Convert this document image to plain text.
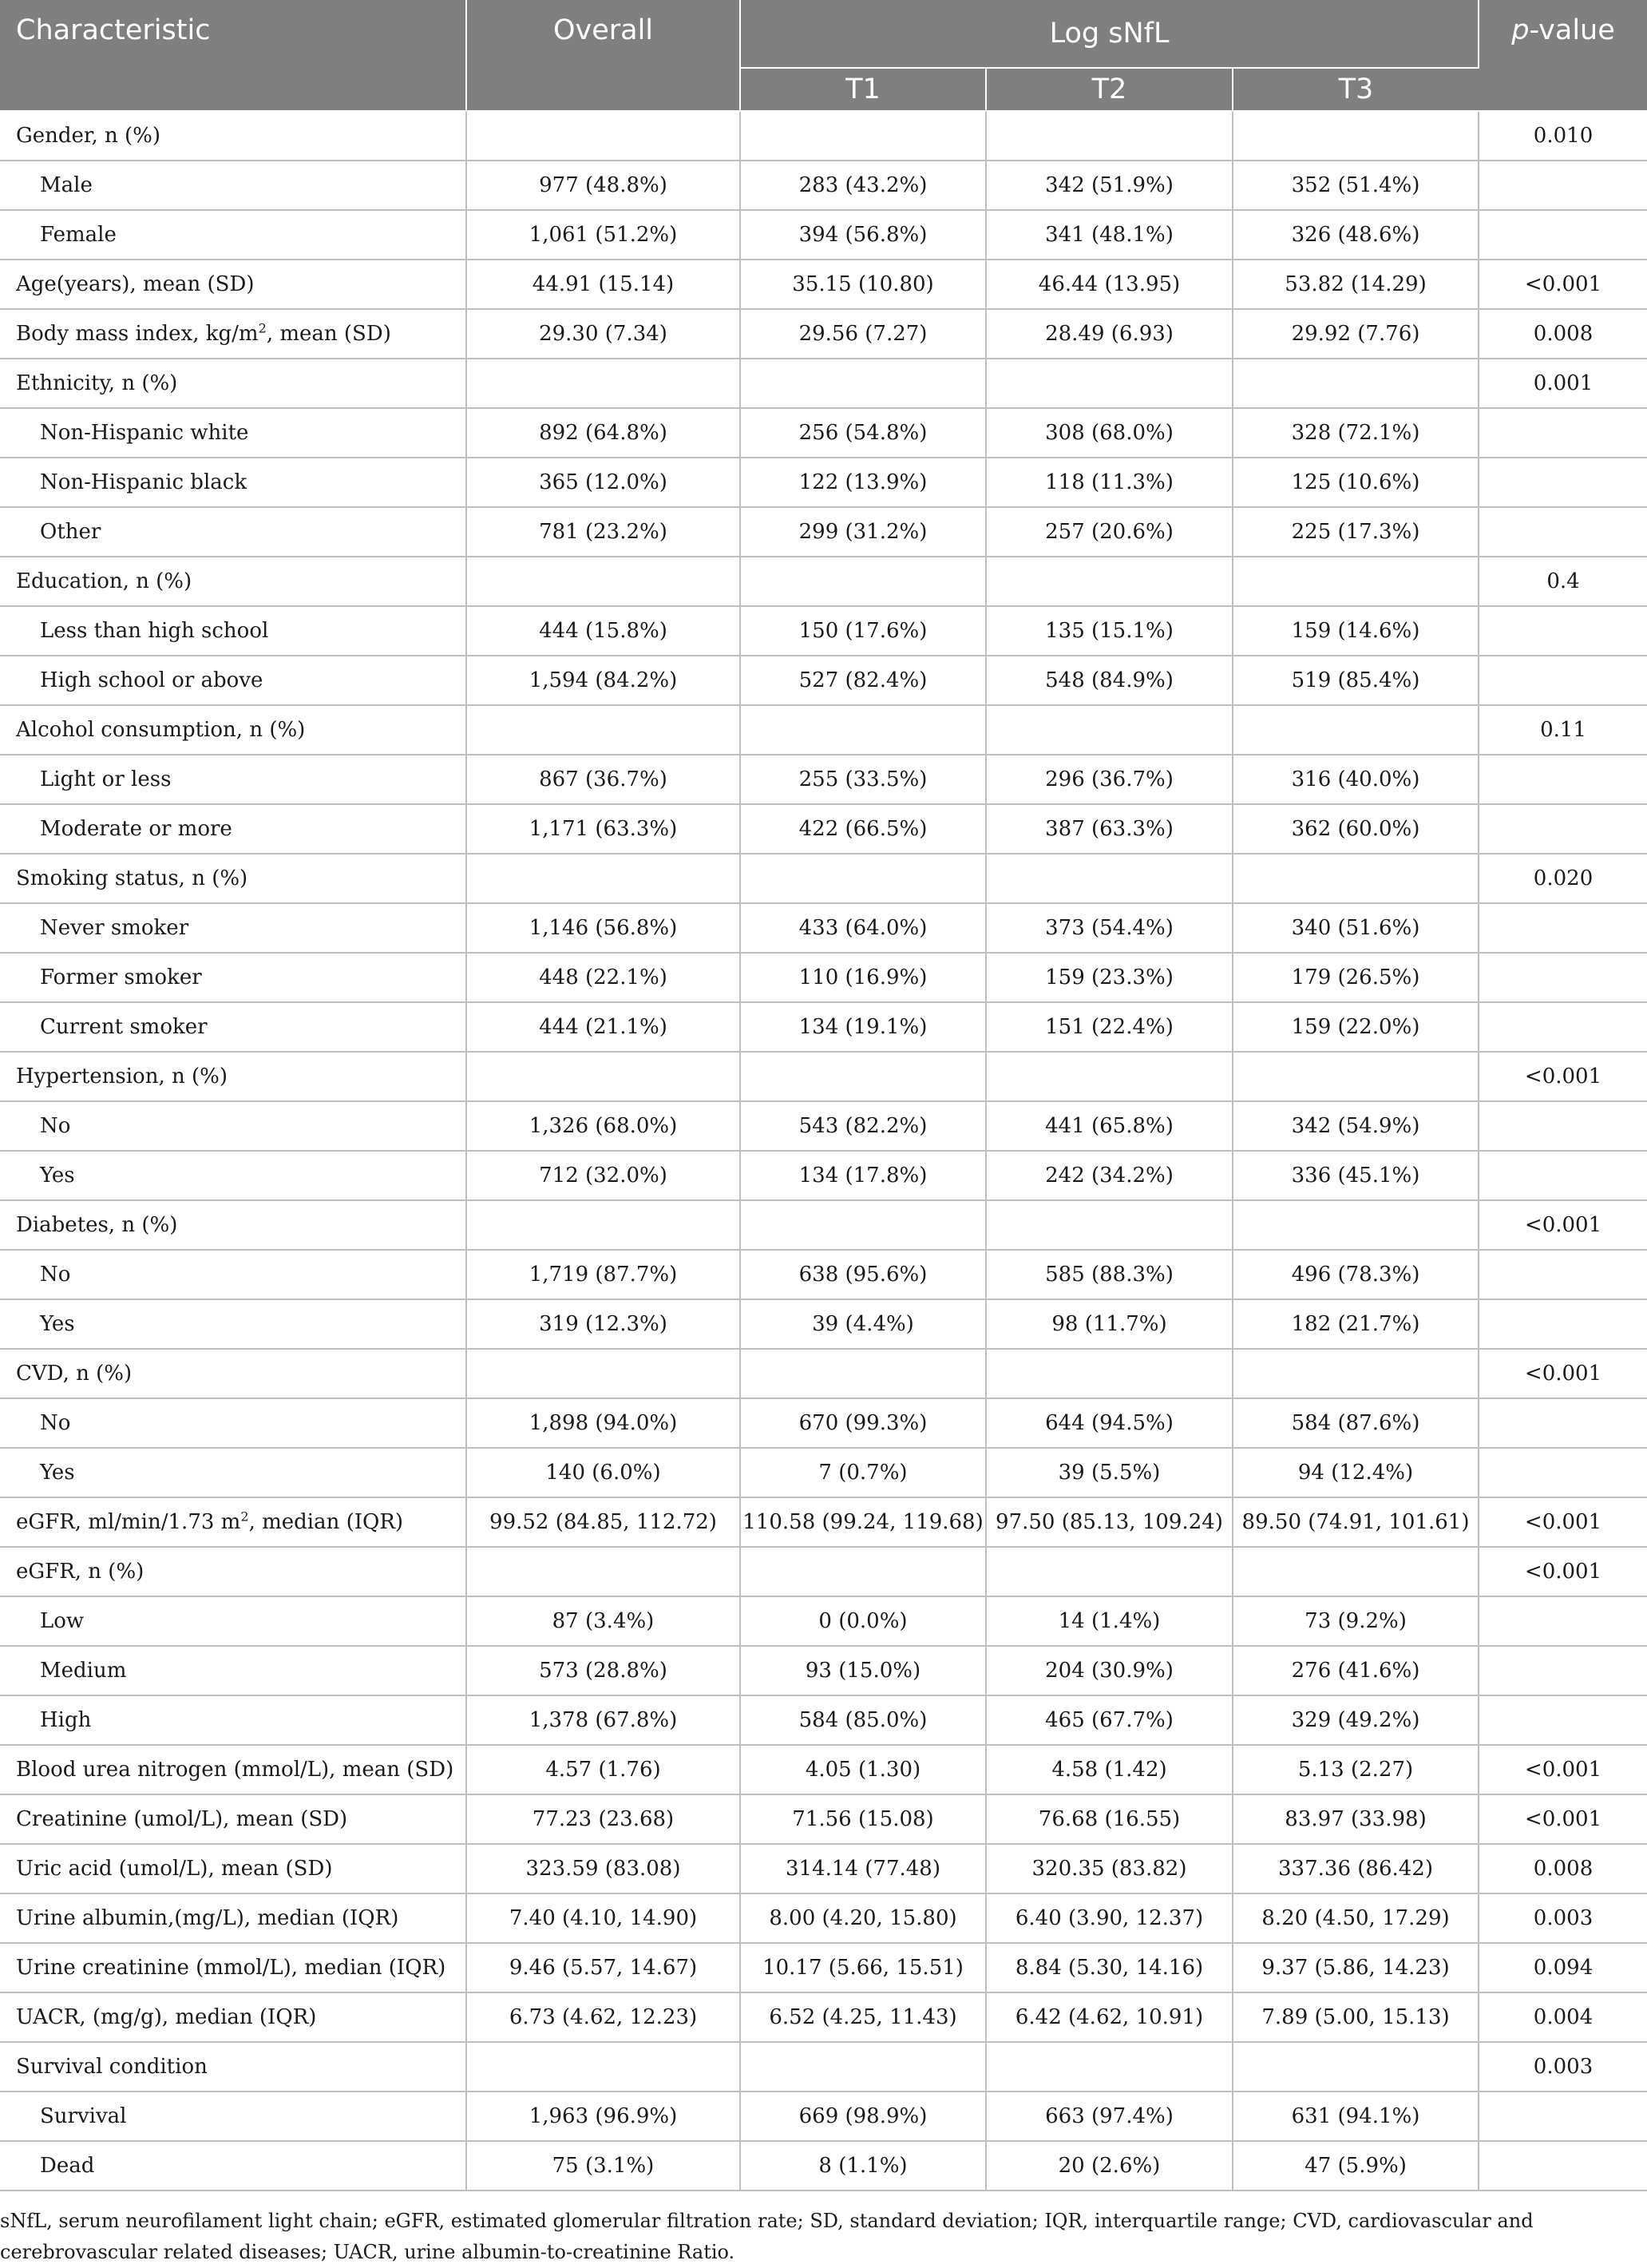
Characteristic	Overall	Log sNfL			p-value
		T1	T2	T3	
Gender, n (%)					0.010
Male	977 (48.8%)	283 (43.2%)	342 (51.9%)	352 (51.4%)	
Female	1,061 (51.2%)	394 (56.8%)	341 (48.1%)	326 (48.6%)	
Age(years), mean (SD)	44.91 (15.14)	35.15 (10.80)	46.44 (13.95)	53.82 (14.29)	<0.001
Body mass index, $kg/m^2$, mean (SD)	29.30 (7.34)	29.56 (7.27)	28.49 (6.93)	29.92 (7.76)	0.008
Ethnicity, n (%)					0.001
Non-Hispanic white	892 (64.8%)	256 (54.8%)	308 (68.0%)	328 (72.1%)	
Non-Hispanic black	365 (12.0%)	122 (13.9%)	118 (11.3%)	125 (10.6%)	
Other	781 (23.2%)	299 (31.2%)	257 (20.6%)	225 (17.3%)	
Education, n (%)					0.4
Less than high school	444 (15.8%)	150 (17.6%)	135 (15.1%)	159 (14.6%)	
High school or above	1,594 (84.2%)	527 (82.4%)	548 (84.9%)	519 (85.4%)	
Alcohol consumption, n (%)					0.11
Light or less	867 (36.7%)	255 (33.5%)	296 (36.7%)	316 (40.0%)	
Moderate or more	1,171 (63.3%)	422 (66.5%)	387 (63.3%)	362 (60.0%)	
Smoking status, n (%)					0.020
Never smoker	1,146 (56.8%)	433 (64.0%)	373 (54.4%)	340 (51.6%)	
Former smoker	448 (22.1%)	110 (16.9%)	159 (23.3%)	179 (26.5%)	
Current smoker	444 (21.1%)	134 (19.1%)	151 (22.4%)	159 (22.0%)	
Hypertension, n (%)					<0.001
No	1,326 (68.0%)	543 (82.2%)	441 (65.8%)	342 (54.9%)	
Yes	712 (32.0%)	134 (17.8%)	242 (34.2%)	336 (45.1%)	
Diabetes, n (%)					<0.001
No	1,719 (87.7%)	638 (95.6%)	585 (88.3%)	496 (78.3%)	
Yes	319 (12.3%)	39 (4.4%)	98 (11.7%)	182 (21.7%)	
CVD, n (%)					<0.001
No	1,898 (94.0%)	670 (99.3%)	644 (94.5%)	584 (87.6%)	
Yes	140 (6.0%)	7 (0.7%)	39 (5.5%)	94 (12.4%)	
eGFR, ml/min/1.73 $m^2$, median (IQR)	99.52 (84.85, 112.72)	110.58 (99.24, 119.68)	97.50 (85.13, 109.24)	89.50 (74.91, 101.61)	<0.001
eGFR, n (%)					<0.001
Low	87 (3.4%)	0 (0.0%)	14 (1.4%)	73 (9.2%)	
Medium	573 (28.8%)	93 (15.0%)	204 (30.9%)	276 (41.6%)	
High	1,378 (67.8%)	584 (85.0%)	465 (67.7%)	329 (49.2%)	
Blood urea nitrogen (mmol/L), mean (SD)	4.57 (1.76)	4.05 (1.30)	4.58 (1.42)	5.13 (2.27)	<0.001
Creatinine (umol/L), mean (SD)	77.23 (23.68)	71.56 (15.08)	76.68 (16.55)	83.97 (33.98)	<0.001
Uric acid (umol/L), mean (SD)	323.59 (83.08)	314.14 (77.48)	320.35 (83.82)	337.36 (86.42)	0.008
Urine albumin,(mg/L), median (IQR)	7.40 (4.10, 14.90)	8.00 (4.20, 15.80)	6.40 (3.90, 12.37)	8.20 (4.50, 17.29)	0.003
Urine creatinine (mmol/L), median (IQR)	9.46 (5.57, 14.67)	10.17 (5.66, 15.51)	8.84 (5.30, 14.16)	9.37 (5.86, 14.23)	0.094
UACR, (mg/g), median (IQR)	6.73 (4.62, 12.23)	6.52 (4.25, 11.43)	6.42 (4.62, 10.91)	7.89 (5.00, 15.13)	0.004
Survival condition					0.003
Survival	1,963 (96.9%)	669 (98.9%)	663 (97.4%)	631 (94.1%)	
Dead	75 (3.1%)	8 (1.1%)	20 (2.6%)	47 (5.9%)	

sNfL, serum neurofilament light chain; eGFR, estimated glomerular filtration rate; SD, standard deviation; IQR, interquartile range; CVD, cardiovascular and cerebrovascular related diseases; UACR, urine albumin-to-creatinine Ratio.
